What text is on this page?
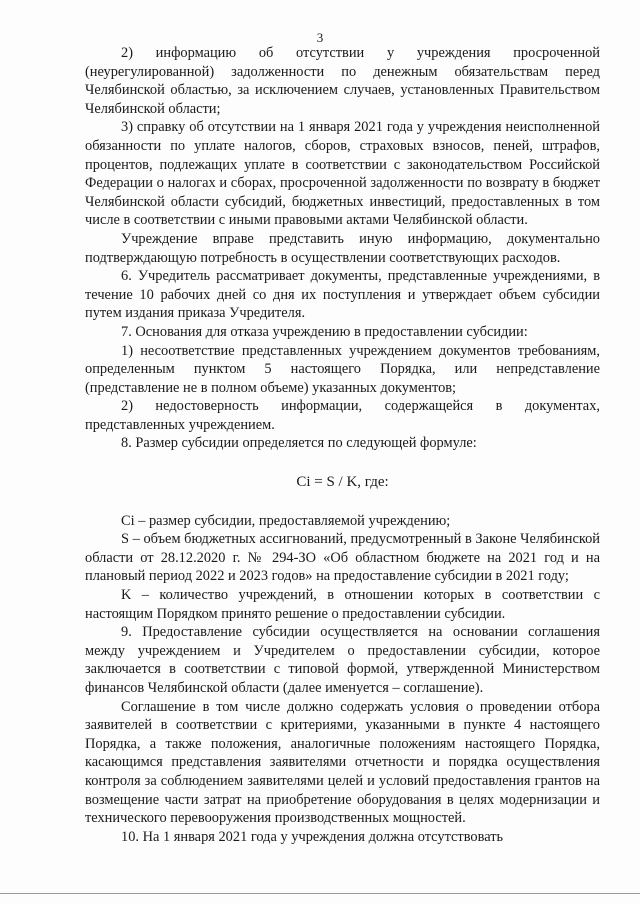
3

2) информацию об отсутствии у учреждения просроченной (неурегулированной) задолженности по денежным обязательствам перед Челябинской областью, за исключением случаев, установленных Правительством Челябинской области;

3) справку об отсутствии на 1 января 2021 года у учреждения неисполненной обязанности по уплате налогов, сборов, страховых взносов, пеней, штрафов, процентов, подлежащих уплате в соответствии с законодательством Российской Федерации о налогах и сборах, просроченной задолженности по возврату в бюджет Челябинской области субсидий, бюджетных инвестиций, предоставленных в том числе в соответствии с иными правовыми актами Челябинской области.

Учреждение вправе представить иную информацию, документально подтверждающую потребность в осуществлении соответствующих расходов.

6. Учредитель рассматривает документы, представленные учреждениями, в течение 10 рабочих дней со дня их поступления и утверждает объем субсидии путем издания приказа Учредителя.

7. Основания для отказа учреждению в предоставлении субсидии:

1) несоответствие представленных учреждением документов требованиям, определенным пунктом 5 настоящего Порядка, или непредставление (представление не в полном объеме) указанных документов;

2) недостоверность информации, содержащейся в документах, представленных учреждением.

8. Размер субсидии определяется по следующей формуле:

Ci = S / K, где:

Ci – размер субсидии, предоставляемой учреждению;

S – объем бюджетных ассигнований, предусмотренный в Законе Челябинской области от 28.12.2020 г. № 294-ЗО «Об областном бюджете на 2021 год и на плановый период 2022 и 2023 годов» на предоставление субсидии в 2021 году;

K – количество учреждений, в отношении которых в соответствии с настоящим Порядком принято решение о предоставлении субсидии.

9. Предоставление субсидии осуществляется на основании соглашения между учреждением и Учредителем о предоставлении субсидии, которое заключается в соответствии с типовой формой, утвержденной Министерством финансов Челябинской области (далее именуется – соглашение).

Соглашение в том числе должно содержать условия о проведении отбора заявителей в соответствии с критериями, указанными в пункте 4 настоящего Порядка, а также положения, аналогичные положениям настоящего Порядка, касающимся представления заявителями отчетности и порядка осуществления контроля за соблюдением заявителями целей и условий предоставления грантов на возмещение части затрат на приобретение оборудования в целях модернизации и технического перевооружения производственных мощностей.

10. На 1 января 2021 года у учреждения должна отсутствовать
